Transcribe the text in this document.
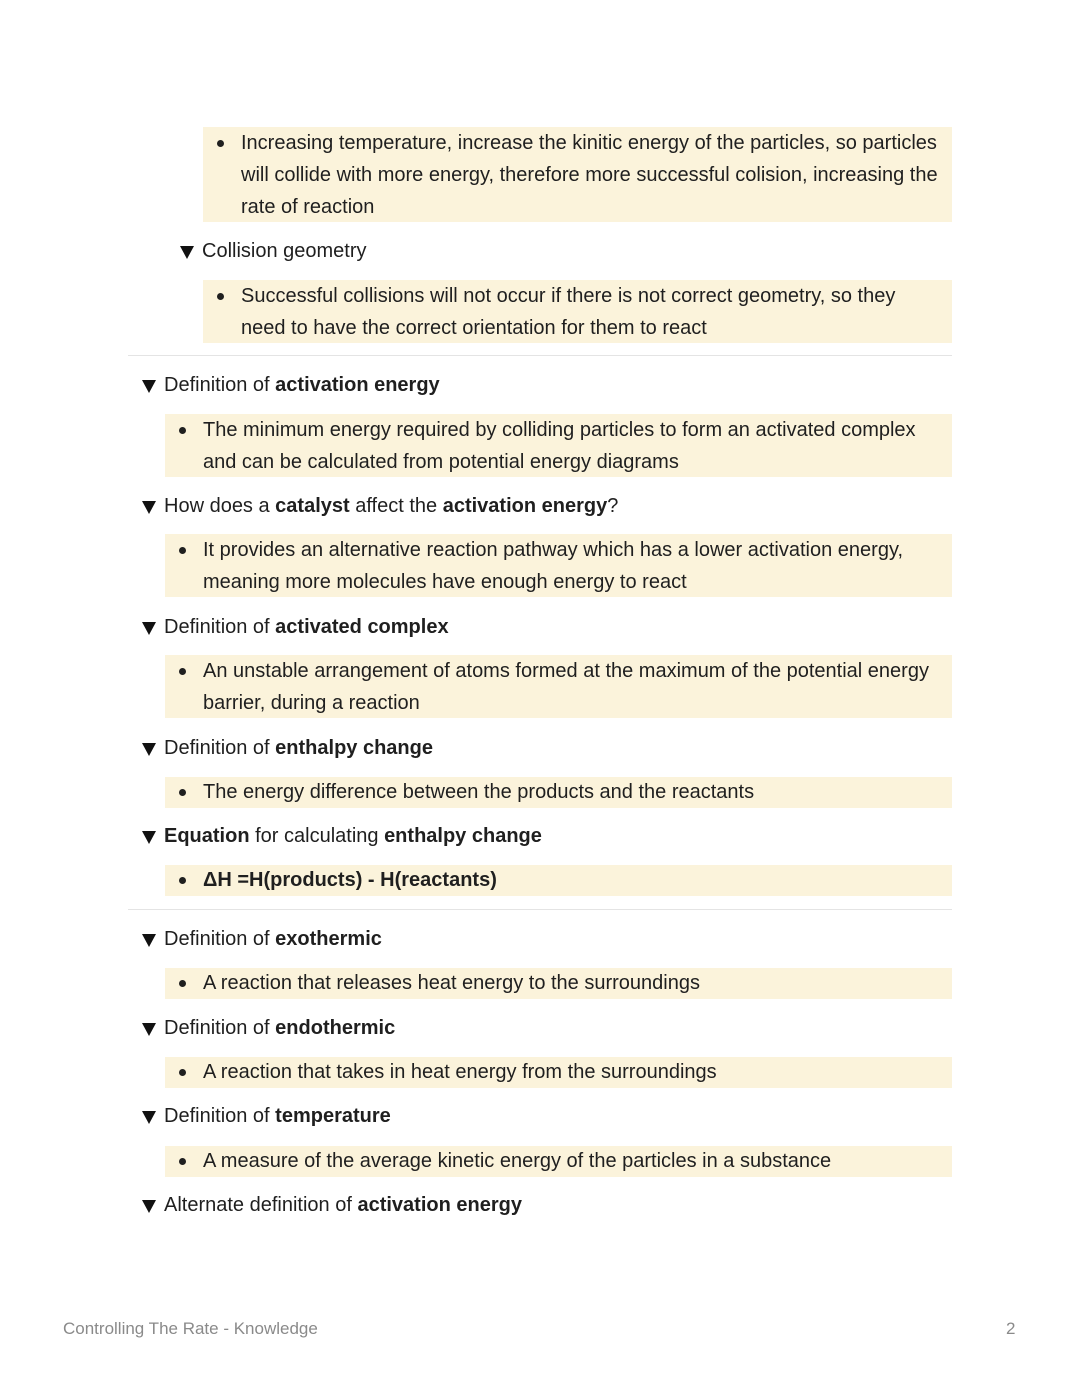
Increasing temperature, increase the kinitic energy of the particles, so particles will collide with more energy, therefore more successful colision, increasing the rate of reaction
Collision geometry
Successful collisions will not occur if there is not correct geometry, so they need to have the correct orientation for them to react
Definition of activation energy
The minimum energy required by colliding particles to form an activated complex and can be calculated from potential energy diagrams
How does a catalyst affect the activation energy ?
It provides an alternative reaction pathway which has a lower activation energy, meaning more molecules have enough energy to react
Definition of activated complex
An unstable arrangement of atoms formed at the maximum of the potential energy barrier, during a reaction
Definition of enthalpy change
The energy difference between the products and the reactants
Equation for calculating enthalpy change
ΔH =H(products) - H(reactants)
Definition of exothermic
A reaction that releases heat energy to the surroundings
Definition of endothermic
A reaction that takes in heat energy from the surroundings
Definition of temperature
A measure of the average kinetic energy of the particles in a substance
Alternate definition of activation energy
Controlling The Rate - Knowledge	2
